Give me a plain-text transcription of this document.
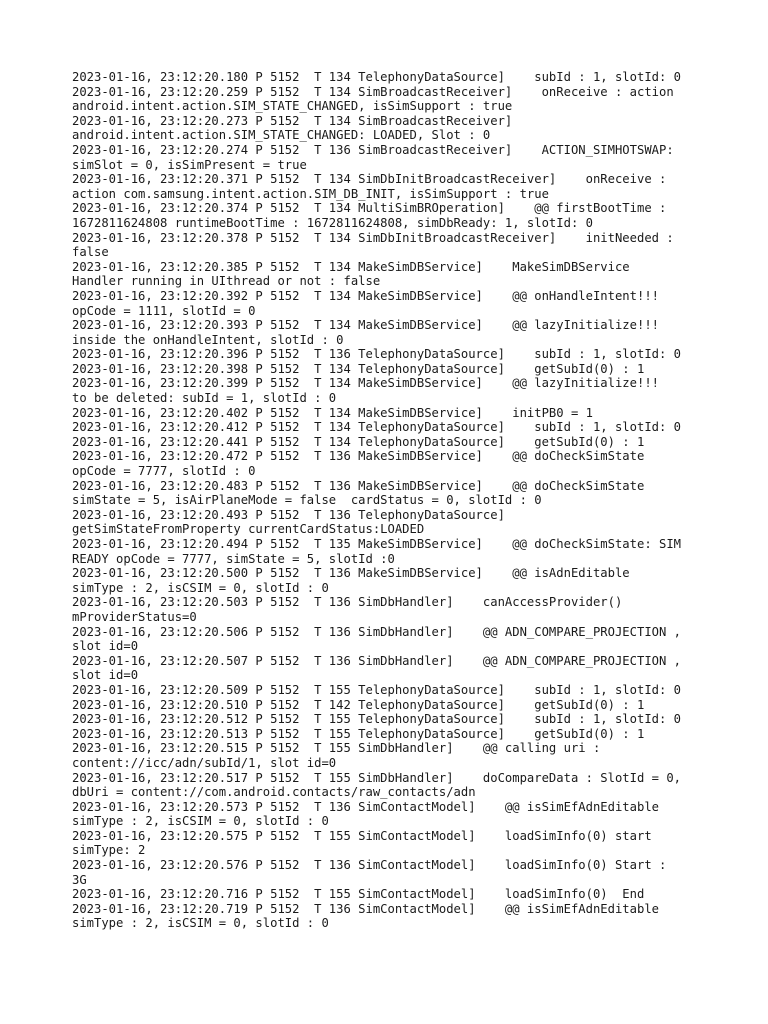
2023-01-16, 23:12:20.180 P 5152  T 134 TelephonyDataSource]    subId : 1, slotId: 0
2023-01-16, 23:12:20.259 P 5152  T 134 SimBroadcastReceiver]    onReceive : action
android.intent.action.SIM_STATE_CHANGED, isSimSupport : true
2023-01-16, 23:12:20.273 P 5152  T 134 SimBroadcastReceiver]
android.intent.action.SIM_STATE_CHANGED: LOADED, Slot : 0
2023-01-16, 23:12:20.274 P 5152  T 136 SimBroadcastReceiver]    ACTION_SIMHOTSWAP:
simSlot = 0, isSimPresent = true
2023-01-16, 23:12:20.371 P 5152  T 134 SimDbInitBroadcastReceiver]    onReceive :
action com.samsung.intent.action.SIM_DB_INIT, isSimSupport : true
2023-01-16, 23:12:20.374 P 5152  T 134 MultiSimBROperation]    @@ firstBootTime :
1672811624808 runtimeBootTime : 1672811624808, simDbReady: 1, slotId: 0
2023-01-16, 23:12:20.378 P 5152  T 134 SimDbInitBroadcastReceiver]    initNeeded :
false
2023-01-16, 23:12:20.385 P 5152  T 134 MakeSimDBService]    MakeSimDBService
Handler running in UIthread or not : false
2023-01-16, 23:12:20.392 P 5152  T 134 MakeSimDBService]    @@ onHandleIntent!!!
opCode = 1111, slotId = 0
2023-01-16, 23:12:20.393 P 5152  T 134 MakeSimDBService]    @@ lazyInitialize!!!
inside the onHandleIntent, slotId : 0
2023-01-16, 23:12:20.396 P 5152  T 136 TelephonyDataSource]    subId : 1, slotId: 0
2023-01-16, 23:12:20.398 P 5152  T 134 TelephonyDataSource]    getSubId(0) : 1
2023-01-16, 23:12:20.399 P 5152  T 134 MakeSimDBService]    @@ lazyInitialize!!!
to be deleted: subId = 1, slotId : 0
2023-01-16, 23:12:20.402 P 5152  T 134 MakeSimDBService]    initPB0 = 1
2023-01-16, 23:12:20.412 P 5152  T 134 TelephonyDataSource]    subId : 1, slotId: 0
2023-01-16, 23:12:20.441 P 5152  T 134 TelephonyDataSource]    getSubId(0) : 1
2023-01-16, 23:12:20.472 P 5152  T 136 MakeSimDBService]    @@ doCheckSimState
opCode = 7777, slotId : 0
2023-01-16, 23:12:20.483 P 5152  T 136 MakeSimDBService]    @@ doCheckSimState
simState = 5, isAirPlaneMode = false  cardStatus = 0, slotId : 0
2023-01-16, 23:12:20.493 P 5152  T 136 TelephonyDataSource]
getSimStateFromProperty currentCardStatus:LOADED
2023-01-16, 23:12:20.494 P 5152  T 135 MakeSimDBService]    @@ doCheckSimState: SIM
READY opCode = 7777, simState = 5, slotId :0
2023-01-16, 23:12:20.500 P 5152  T 136 MakeSimDBService]    @@ isAdnEditable
simType : 2, isCSIM = 0, slotId : 0
2023-01-16, 23:12:20.503 P 5152  T 136 SimDbHandler]    canAccessProvider()
mProviderStatus=0
2023-01-16, 23:12:20.506 P 5152  T 136 SimDbHandler]    @@ ADN_COMPARE_PROJECTION ,
slot id=0
2023-01-16, 23:12:20.507 P 5152  T 136 SimDbHandler]    @@ ADN_COMPARE_PROJECTION ,
slot id=0
2023-01-16, 23:12:20.509 P 5152  T 155 TelephonyDataSource]    subId : 1, slotId: 0
2023-01-16, 23:12:20.510 P 5152  T 142 TelephonyDataSource]    getSubId(0) : 1
2023-01-16, 23:12:20.512 P 5152  T 155 TelephonyDataSource]    subId : 1, slotId: 0
2023-01-16, 23:12:20.513 P 5152  T 155 TelephonyDataSource]    getSubId(0) : 1
2023-01-16, 23:12:20.515 P 5152  T 155 SimDbHandler]    @@ calling uri :
content://icc/adn/subId/1, slot id=0
2023-01-16, 23:12:20.517 P 5152  T 155 SimDbHandler]    doCompareData : SlotId = 0,
dbUri = content://com.android.contacts/raw_contacts/adn
2023-01-16, 23:12:20.573 P 5152  T 136 SimContactModel]    @@ isSimEfAdnEditable
simType : 2, isCSIM = 0, slotId : 0
2023-01-16, 23:12:20.575 P 5152  T 155 SimContactModel]    loadSimInfo(0) start
simType: 2
2023-01-16, 23:12:20.576 P 5152  T 136 SimContactModel]    loadSimInfo(0) Start :
3G
2023-01-16, 23:12:20.716 P 5152  T 155 SimContactModel]    loadSimInfo(0)  End
2023-01-16, 23:12:20.719 P 5152  T 136 SimContactModel]    @@ isSimEfAdnEditable
simType : 2, isCSIM = 0, slotId : 0
